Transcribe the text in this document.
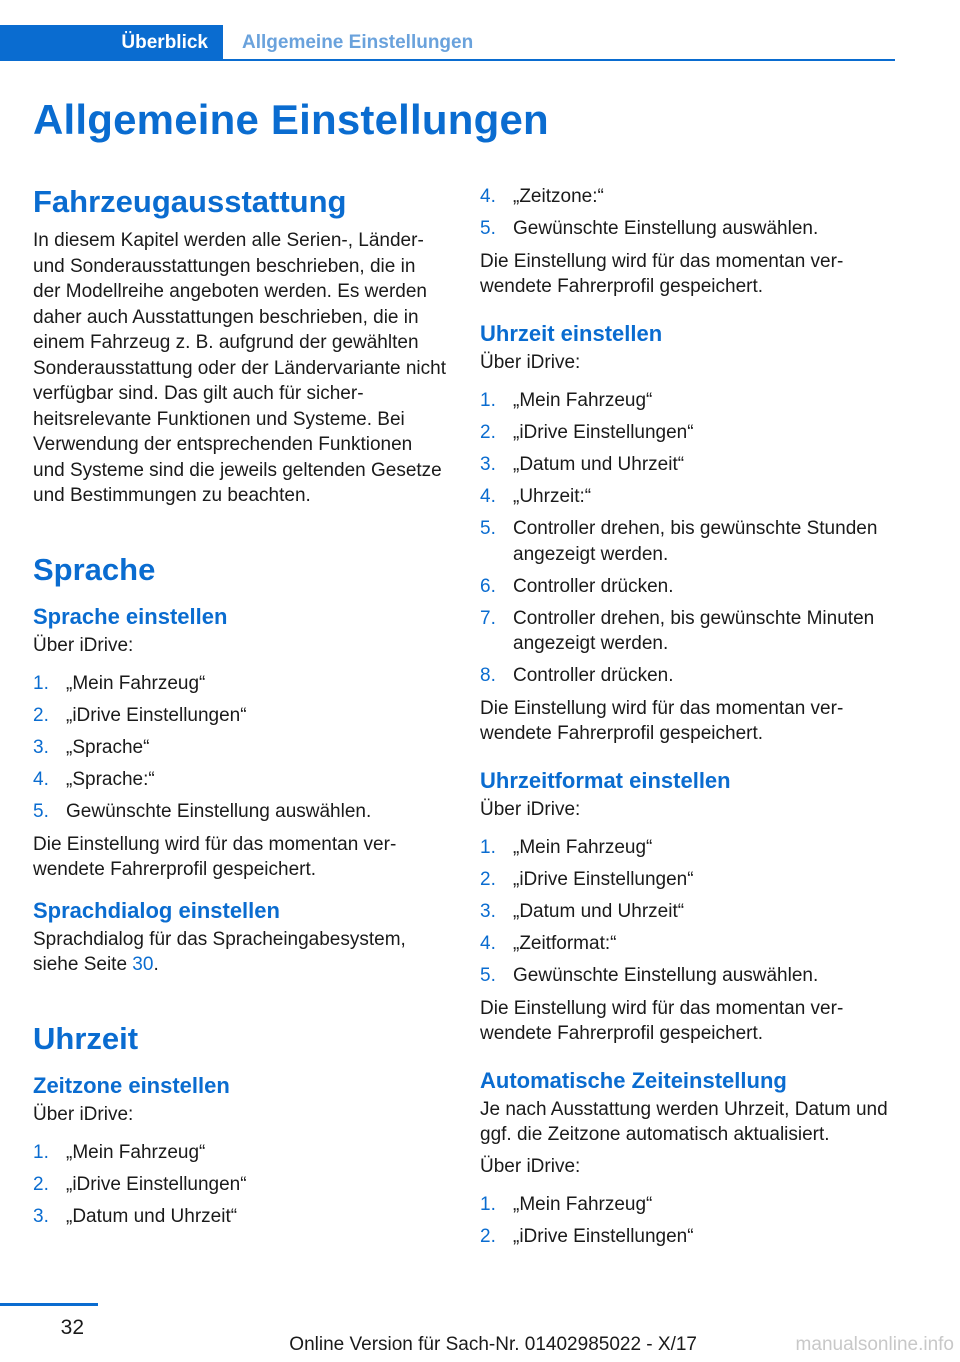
Überblick	Allgemeine Einstellungen
Allgemeine Einstellungen
Fahrzeugausstattung

In diesem Kapitel werden alle Serien-, Länder- und Sonderausstattungen beschrieben, die in der Modellreihe angeboten werden. Es werden daher auch Ausstattungen beschrieben, die in einem Fahrzeug z. B. aufgrund der gewählten Sonderausstattung oder der Ländervariante nicht verfügbar sind. Das gilt auch für sicherheitsrelevante Funktionen und Systeme. Bei Verwendung der entsprechenden Funktionen und Systeme sind die jeweils geltenden Gesetze und Bestimmungen zu beachten.

Sprache
Sprache einstellen

Über iDrive:

1. „Mein Fahrzeug“
2. „iDrive Einstellungen“
3. „Sprache“
4. „Sprache:“
5. Gewünschte Einstellung auswählen.

Die Einstellung wird für das momentan verwendete Fahrerprofil gespeichert.

Sprachdialog einstellen

Sprachdialog für das Spracheingabesystem, siehe Seite 30.

Uhrzeit
Zeitzone einstellen

Über iDrive:

1. „Mein Fahrzeug“
2. „iDrive Einstellungen“
3. „Datum und Uhrzeit“
4. „Zeitzone:“
5. Gewünschte Einstellung auswählen.

Die Einstellung wird für das momentan verwendete Fahrerprofil gespeichert.

Uhrzeit einstellen

Über iDrive:

1. „Mein Fahrzeug“
2. „iDrive Einstellungen“
3. „Datum und Uhrzeit“
4. „Uhrzeit:“
5. Controller drehen, bis gewünschte Stunden angezeigt werden.
6. Controller drücken.
7. Controller drehen, bis gewünschte Minuten angezeigt werden.
8. Controller drücken.

Die Einstellung wird für das momentan verwendete Fahrerprofil gespeichert.

Uhrzeitformat einstellen

Über iDrive:

1. „Mein Fahrzeug“
2. „iDrive Einstellungen“
3. „Datum und Uhrzeit“
4. „Zeitformat:“
5. Gewünschte Einstellung auswählen.

Die Einstellung wird für das momentan verwendete Fahrerprofil gespeichert.

Automatische Zeiteinstellung

Je nach Ausstattung werden Uhrzeit, Datum und ggf. die Zeitzone automatisch aktualisiert.

Über iDrive:

1. „Mein Fahrzeug“
2. „iDrive Einstellungen“
32
Online Version für Sach-Nr. 01402985022 - X/17	manualsonline.info
